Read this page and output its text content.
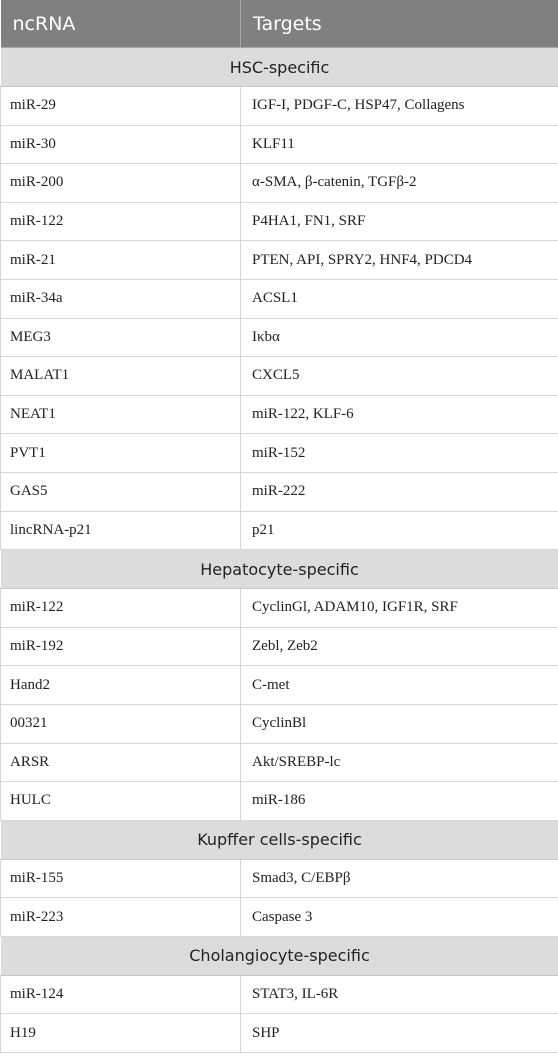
ncRNA	Targets
HSC-specific	
miR-29	IGF-I, PDGF-C, HSP47, Collagens
miR-30	KLF11
miR-200	α-SMA, β-catenin, TGFβ-2
miR-122	P4HA1, FN1, SRF
miR-21	PTEN, API, SPRY2, HNF4, PDCD4
miR-34a	ACSL1
MEG3	Iκbα
MALAT1	CXCL5
NEAT1	miR-122, KLF-6
PVT1	miR-152
GAS5	miR-222
lincRNA-p21	p21
Hepatocyte-specific	
miR-122	CyclinGl, ADAM10, IGF1R, SRF
miR-192	Zebl, Zeb2
Hand2	C-met
00321	CyclinBl
ARSR	Akt/SREBP-lc
HULC	miR-186
Kupffer cells-specific	
miR-155	Smad3, C/EBPβ
miR-223	Caspase 3
Cholangiocyte-specific	
miR-124	STAT3, IL-6R
H19	SHP
